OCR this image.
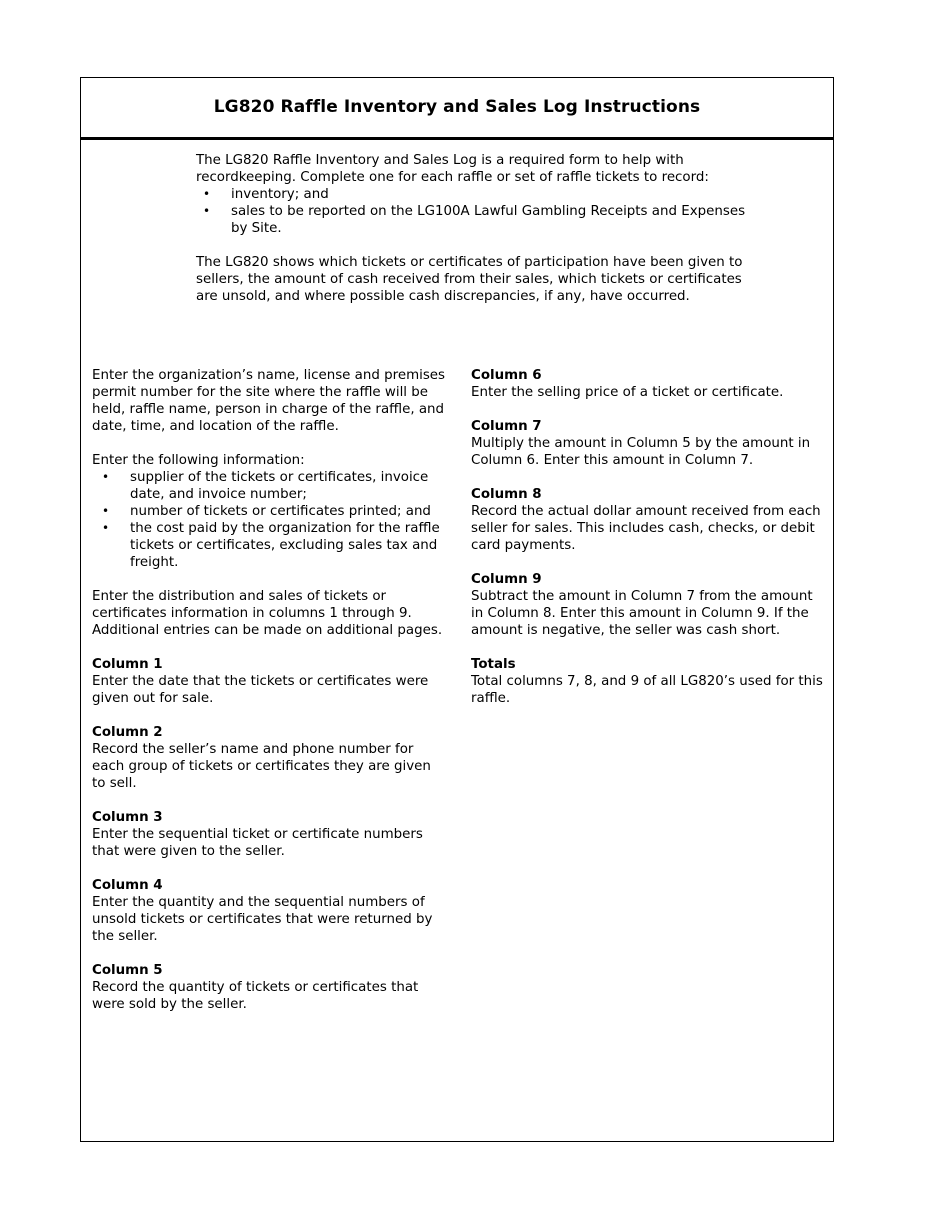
LG820 Raffle Inventory and Sales Log Instructions

The LG820 Raffle Inventory and Sales Log is a required form to help with recordkeeping. Complete one for each raffle or set of raffle tickets to record:

• inventory; and
• sales to be reported on the LG100A Lawful Gambling Receipts and Expenses by Site.

The LG820 shows which tickets or certificates of participation have been given to sellers, the amount of cash received from their sales, which tickets or certificates are unsold, and where possible cash discrepancies, if any, have occurred.

Enter the organization’s name, license and premises permit number for the site where the raffle will be held, raffle name, person in charge of the raffle, and date, time, and location of the raffle.

Enter the following information:

• supplier of the tickets or certificates, invoice date, and invoice number;
• number of tickets or certificates printed; and
• the cost paid by the organization for the raffle tickets or certificates, excluding sales tax and freight.

Enter the distribution and sales of tickets or certificates information in columns 1 through 9. Additional entries can be made on additional pages.

Column 1

Enter the date that the tickets or certificates were given out for sale.

Column 2

Record the seller’s name and phone number for each group of tickets or certificates they are given to sell.

Column 3

Enter the sequential ticket or certificate numbers that were given to the seller.

Column 4

Enter the quantity and the sequential numbers of unsold tickets or certificates that were returned by the seller.

Column 5

Record the quantity of tickets or certificates that were sold by the seller.

Column 6

Enter the selling price of a ticket or certificate.

Column 7

Multiply the amount in Column 5 by the amount in Column 6. Enter this amount in Column 7.

Column 8

Record the actual dollar amount received from each seller for sales. This includes cash, checks, or debit card payments.

Column 9

Subtract the amount in Column 7 from the amount in Column 8. Enter this amount in Column 9. If the amount is negative, the seller was cash short.

Totals

Total columns 7, 8, and 9 of all LG820’s used for this raffle.
